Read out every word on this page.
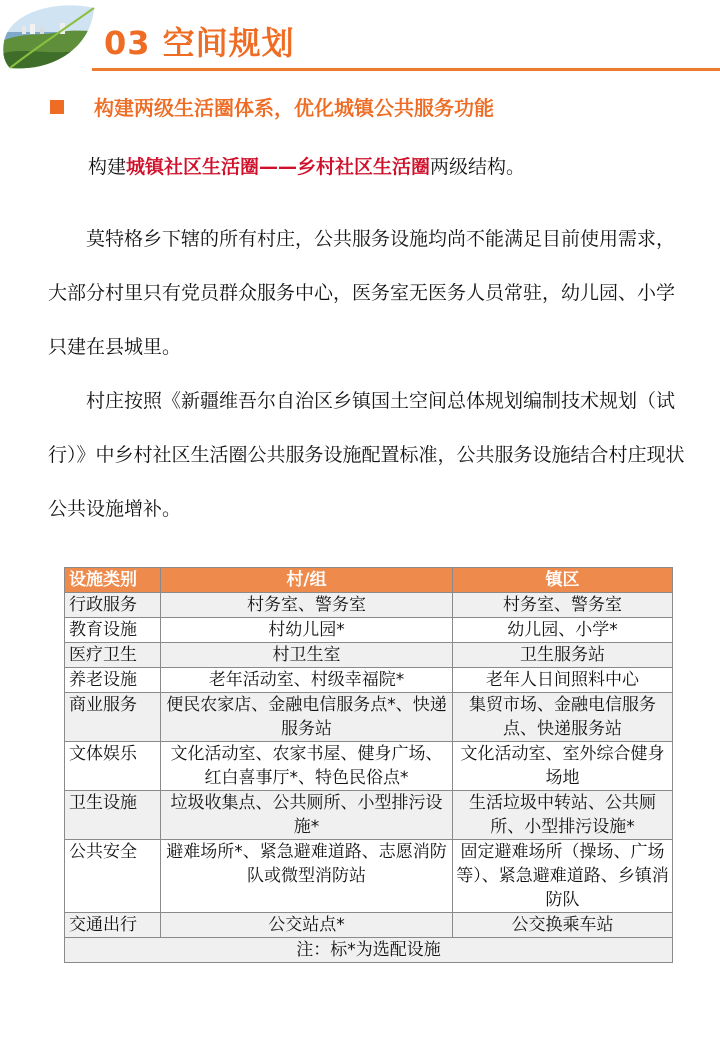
03 空间规划
构建两级生活圈体系，优化城镇公共服务功能

构建城镇社区生活圈——乡村社区生活圈两级结构。

莫特格乡下辖的所有村庄，公共服务设施均尚不能满足目前使用需求，大部分村里只有党员群众服务中心，医务室无医务人员常驻，幼儿园、小学只建在县城里。

村庄按照《新疆维吾尔自治区乡镇国土空间总体规划编制技术规划（试行）》中乡村社区生活圈公共服务设施配置标准，公共服务设施结合村庄现状公共设施增补。

设施类别	村/组	镇区
行政服务	村务室、警务室	村务室、警务室
教育设施	村幼儿园*	幼儿园、小学*
医疗卫生	村卫生室	卫生服务站
养老设施	老年活动室、村级幸福院*	老年人日间照料中心
商业服务	便民农家店、金融电信服务点*、快递服务站	集贸市场、金融电信服务点、快递服务站
文体娱乐	文化活动室、农家书屋、健身广场、红白喜事厅*、特色民俗点*	文化活动室、室外综合健身场地
卫生设施	垃圾收集点、公共厕所、小型排污设施*	生活垃圾中转站、公共厕所、小型排污设施*
公共安全	避难场所*、紧急避难道路、志愿消防队或微型消防站	固定避难场所（操场、广场等）、紧急避难道路、乡镇消防队
交通出行	公交站点*	公交换乘车站
注：标*为选配设施		
